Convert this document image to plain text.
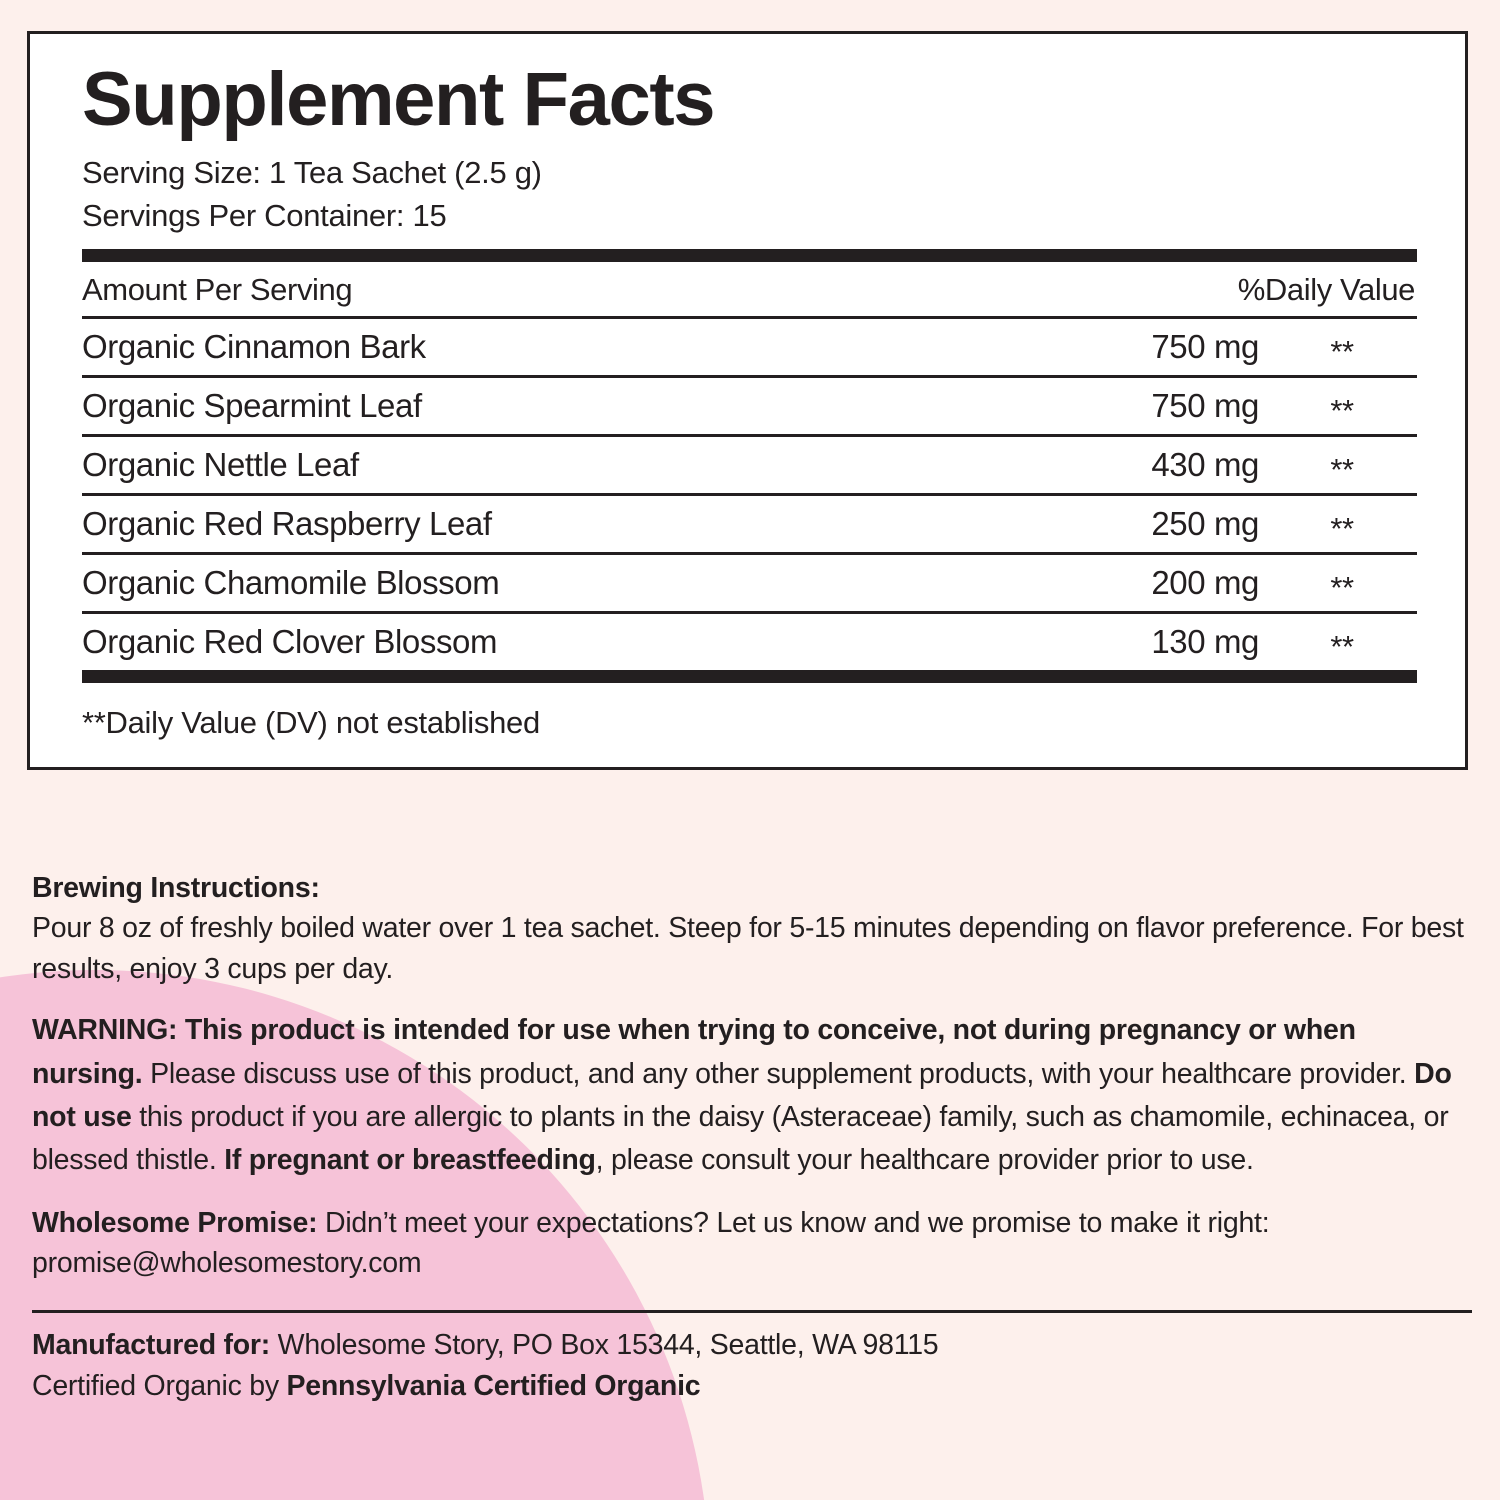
Supplement Facts
Serving Size: 1 Tea Sachet (2.5 g)
Servings Per Container: 15
Amount Per Serving	%Daily Value
Organic Cinnamon Bark	750 mg	**
Organic Spearmint Leaf	750 mg	**
Organic Nettle Leaf	430 mg	**
Organic Red Raspberry Leaf	250 mg	**
Organic Chamomile Blossom	200 mg	**
Organic Red Clover Blossom	130 mg	**
**Daily Value (DV) not established
Brewing Instructions:
Pour 8 oz of freshly boiled water over 1 tea sachet. Steep for 5-15 minutes depending on flavor preference. For best results, enjoy 3 cups per day.
WARNING: This product is intended for use when trying to conceive, not during pregnancy or when nursing. Please discuss use of this product, and any other supplement products, with your healthcare provider. Do not use this product if you are allergic to plants in the daisy (Asteraceae) family, such as chamomile, echinacea, or blessed thistle. If pregnant or breastfeeding, please consult your healthcare provider prior to use.
Wholesome Promise: Didn’t meet your expectations? Let us know and we promise to make it right:
promise@wholesomestory.com
Manufactured for: Wholesome Story, PO Box 15344, Seattle, WA 98115
Certified Organic by Pennsylvania Certified Organic
